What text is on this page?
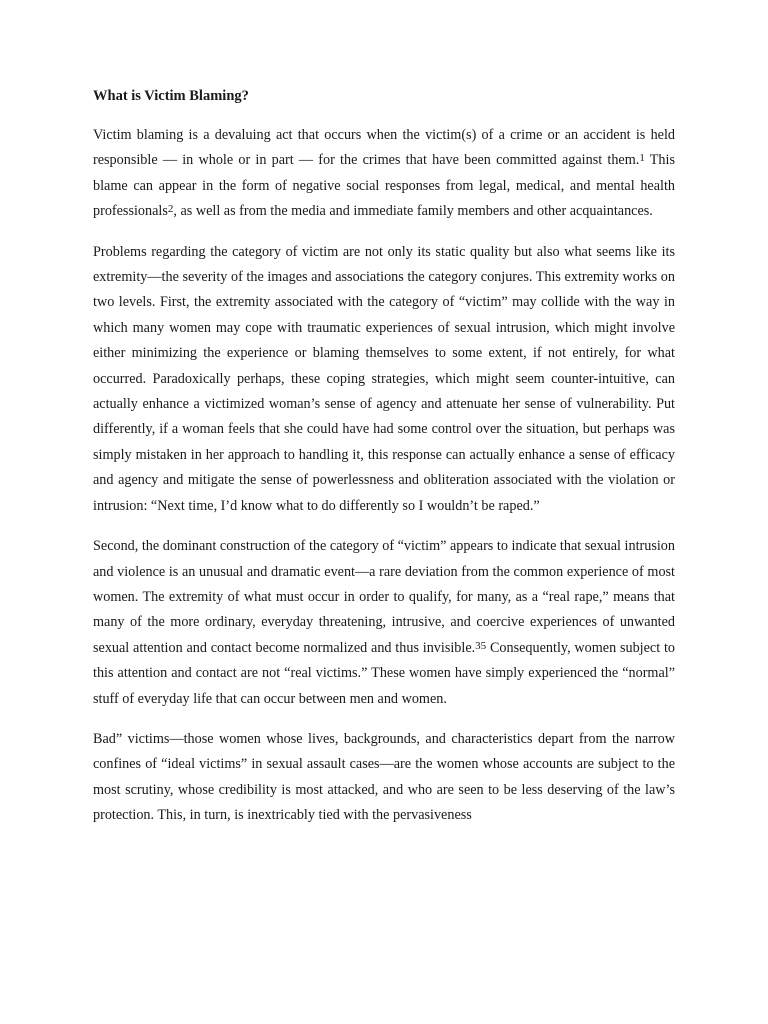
What is Victim Blaming?

Victim blaming is a devaluing act that occurs when the victim(s) of a crime or an accident is held responsible — in whole or in part — for the crimes that have been committed against them.$^1$ This blame can appear in the form of negative social responses from legal, medical, and mental health professionals$^2$, as well as from the media and immediate family members and other acquaintances.

Problems regarding the category of victim are not only its static quality but also what seems like its extremity—the severity of the images and associations the category conjures. This extremity works on two levels. First, the extremity associated with the category of “victim” may collide with the way in which many women may cope with traumatic experiences of sexual intrusion, which might involve either minimizing the experience or blaming themselves to some extent, if not entirely, for what occurred. Paradoxically perhaps, these coping strategies, which might seem counter-intuitive, can actually enhance a victimized woman’s sense of agency and attenuate her sense of vulnerability. Put differently, if a woman feels that she could have had some control over the situation, but perhaps was simply mistaken in her approach to handling it, this response can actually enhance a sense of efficacy and agency and mitigate the sense of powerlessness and obliteration associated with the violation or intrusion: “Next time, I’d know what to do differently so I wouldn’t be raped.”

Second, the dominant construction of the category of “victim” appears to indicate that sexual intrusion and violence is an unusual and dramatic event—a rare deviation from the common experience of most women. The extremity of what must occur in order to qualify, for many, as a “real rape,” means that many of the more ordinary, everyday threatening, intrusive, and coercive experiences of unwanted sexual attention and contact become normalized and thus invisible.$^{35}$ Consequently, women subject to this attention and contact are not “real victims.” These women have simply experienced the “normal” stuff of everyday life that can occur between men and women.

Bad” victims—those women whose lives, backgrounds, and characteristics depart from the narrow confines of “ideal victims” in sexual assault cases—are the women whose accounts are subject to the most scrutiny, whose credibility is most attacked, and who are seen to be less deserving of the law’s protection. This, in turn, is inextricably tied with the pervasiveness
